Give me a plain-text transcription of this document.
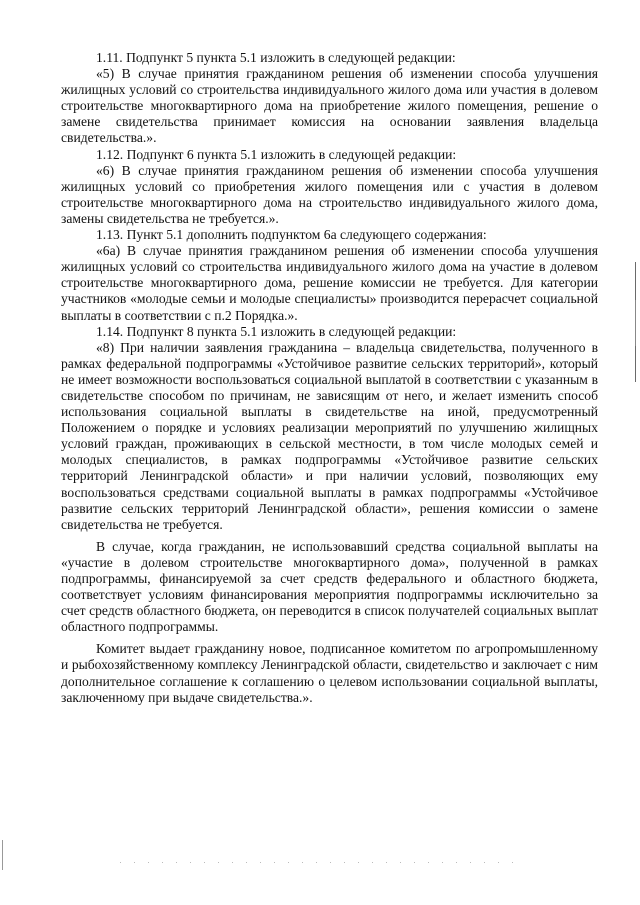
1.11. Подпункт 5 пункта 5.1 изложить в следующей редакции:

«5) В случае принятия гражданином решения об изменении способа улучшения жилищных условий со строительства индивидуального жилого дома или участия в долевом строительстве многоквартирного дома на приобретение жилого помещения, решение о замене свидетельства принимает комиссия на основании заявления владельца свидетельства.».

1.12. Подпункт 6 пункта 5.1 изложить в следующей редакции:

«6) В случае принятия гражданином решения об изменении способа улучшения жилищных условий со приобретения жилого помещения или с участия в долевом строительстве многоквартирного дома на строительство индивидуального жилого дома, замены свидетельства не требуется.».

1.13. Пункт 5.1 дополнить подпунктом 6а следующего содержания:

«6а) В случае принятия гражданином решения об изменении способа улучшения жилищных условий со строительства индивидуального жилого дома на участие в долевом строительстве многоквартирного дома, решение комиссии не требуется. Для категории участников «молодые семьи и молодые специалисты» производится перерасчет социальной выплаты в соответствии с п.2 Порядка.».

1.14. Подпункт 8 пункта 5.1 изложить в следующей редакции:

«8) При наличии заявления гражданина – владельца свидетельства, полученного в рамках федеральной подпрограммы «Устойчивое развитие сельских территорий», который не имеет возможности воспользоваться социальной выплатой в соответствии с указанным в свидетельстве способом по причинам, не зависящим от него, и желает изменить способ использования социальной выплаты в свидетельстве на иной, предусмотренный Положением о порядке и условиях реализации мероприятий по улучшению жилищных условий граждан, проживающих в сельской местности, в том числе молодых семей и молодых специалистов, в рамках подпрограммы «Устойчивое развитие сельских территорий Ленинградской области» и при наличии условий, позволяющих ему воспользоваться средствами социальной выплаты в рамках подпрограммы «Устойчивое развитие сельских территорий Ленинградской области», решения комиссии о замене свидетельства не требуется.

В случае, когда гражданин, не использовавший средства социальной выплаты на «участие в долевом строительстве многоквартирного дома», полученной в рамках подпрограммы, финансируемой за счет средств федерального и областного бюджета, соответствует условиям финансирования мероприятия подпрограммы исключительно за счет средств областного бюджета, он переводится в список получателей социальных выплат областного подпрограммы.

Комитет выдает гражданину новое, подписанное комитетом по агропромышленному и рыбохозяйственному комплексу Ленинградской области, свидетельство и заключает с ним дополнительное соглашение к соглашению о целевом использовании социальной выплаты, заключенному при выдаче свидетельства.».
